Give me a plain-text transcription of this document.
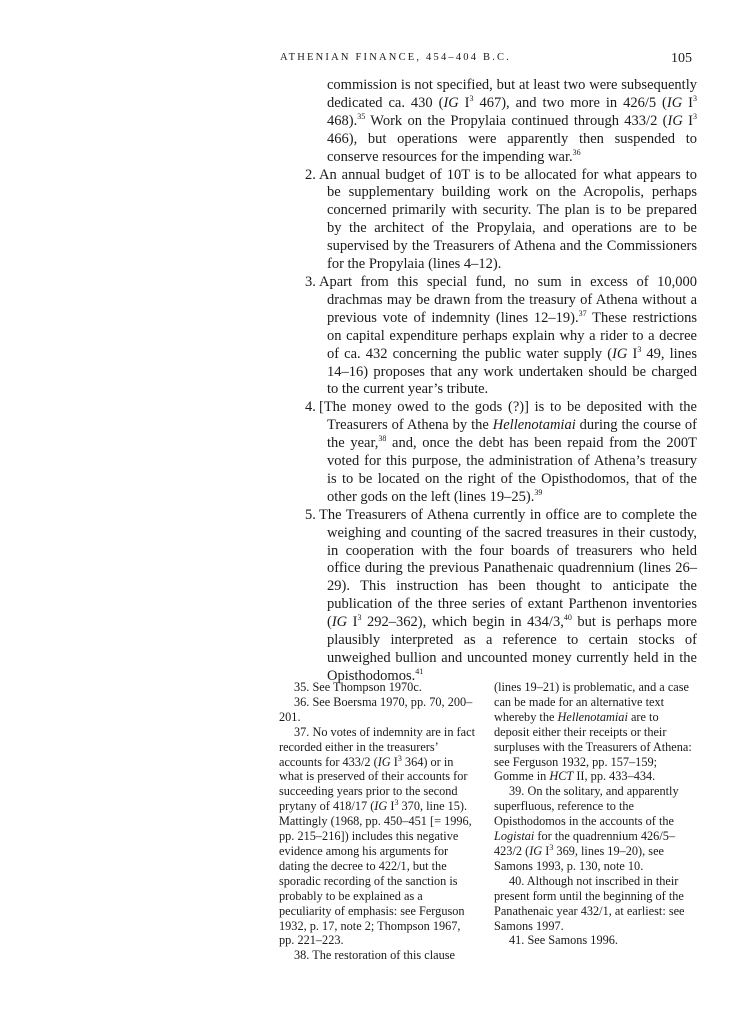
ATHENIAN FINANCE, 454–404 B.C.	105

commission is not specified, but at least two were subsequently dedicated ca. 430 (IG $I^3$ 467), and two more in 426/5 (IG $I^3$ 468).$^{35}$ Work on the Propylaia continued through 433/2 (IG $I^3$ 466), but operations were apparently then suspended to conserve resources for the impending war.$^{36}$

2. An annual budget of 10T is to be allocated for what appears to be supplementary building work on the Acropolis, perhaps concerned primarily with security. The plan is to be prepared by the architect of the Propylaia, and operations are to be supervised by the Treasurers of Athena and the Commissioners for the Propylaia (lines 4–12).

3. Apart from this special fund, no sum in excess of 10,000 drachmas may be drawn from the treasury of Athena without a previous vote of indemnity (lines 12–19).$^{37}$ These restrictions on capital expenditure perhaps explain why a rider to a decree of ca. 432 concerning the public water supply (IG $I^3$ 49, lines 14–16) proposes that any work undertaken should be charged to the current year’s tribute.

4. [The money owed to the gods (?)] is to be deposited with the Treasurers of Athena by the Hellenotamiai during the course of the year,$^{38}$ and, once the debt has been repaid from the 200T voted for this purpose, the administration of Athena’s treasury is to be located on the right of the Opisthodomos, that of the other gods on the left (lines 19–25).$^{39}$

5. The Treasurers of Athena currently in office are to complete the weighing and counting of the sacred treasures in their custody, in cooperation with the four boards of treasurers who held office during the previous Panathenaic quadrennium (lines 26–29). This instruction has been thought to anticipate the publication of the three series of extant Parthenon inventories (IG $I^3$ 292–362), which begin in 434/3,40 but is perhaps more plausibly interpreted as a reference to certain stocks of unweighed bullion and uncounted money currently held in the Opisthodomos.$^{41}$

35. See Thompson 1970c.

36. See Boersma 1970, pp. 70, 200–201.

37. No votes of indemnity are in fact recorded either in the treasurers’ accounts for 433/2 (IG $I^3$ 364) or in what is preserved of their accounts for succeeding years prior to the second prytany of 418/17 (IG $I^3$ 370, line 15). Mattingly (1968, pp. 450–451 [= 1996, pp. 215–216]) includes this negative evidence among his arguments for dating the decree to 422/1, but the sporadic recording of the sanction is probably to be explained as a peculiarity of emphasis: see Ferguson 1932, p. 17, note 2; Thompson 1967, pp. 221–223.

38. The restoration of this clause

(lines 19–21) is problematic, and a case can be made for an alternative text whereby the Hellenotamiai are to deposit either their receipts or their surpluses with the Treasurers of Athena: see Ferguson 1932, pp. 157–159; Gomme in HCT II, pp. 433–434.

39. On the solitary, and apparently superfluous, reference to the Opisthodomos in the accounts of the Logistai for the quadrennium 426/5–423/2 (IG $I^3$ 369, lines 19–20), see Samons 1993, p. 130, note 10.

40. Although not inscribed in their present form until the beginning of the Panathenaic year 432/1, at earliest: see Samons 1997.

41. See Samons 1996.
